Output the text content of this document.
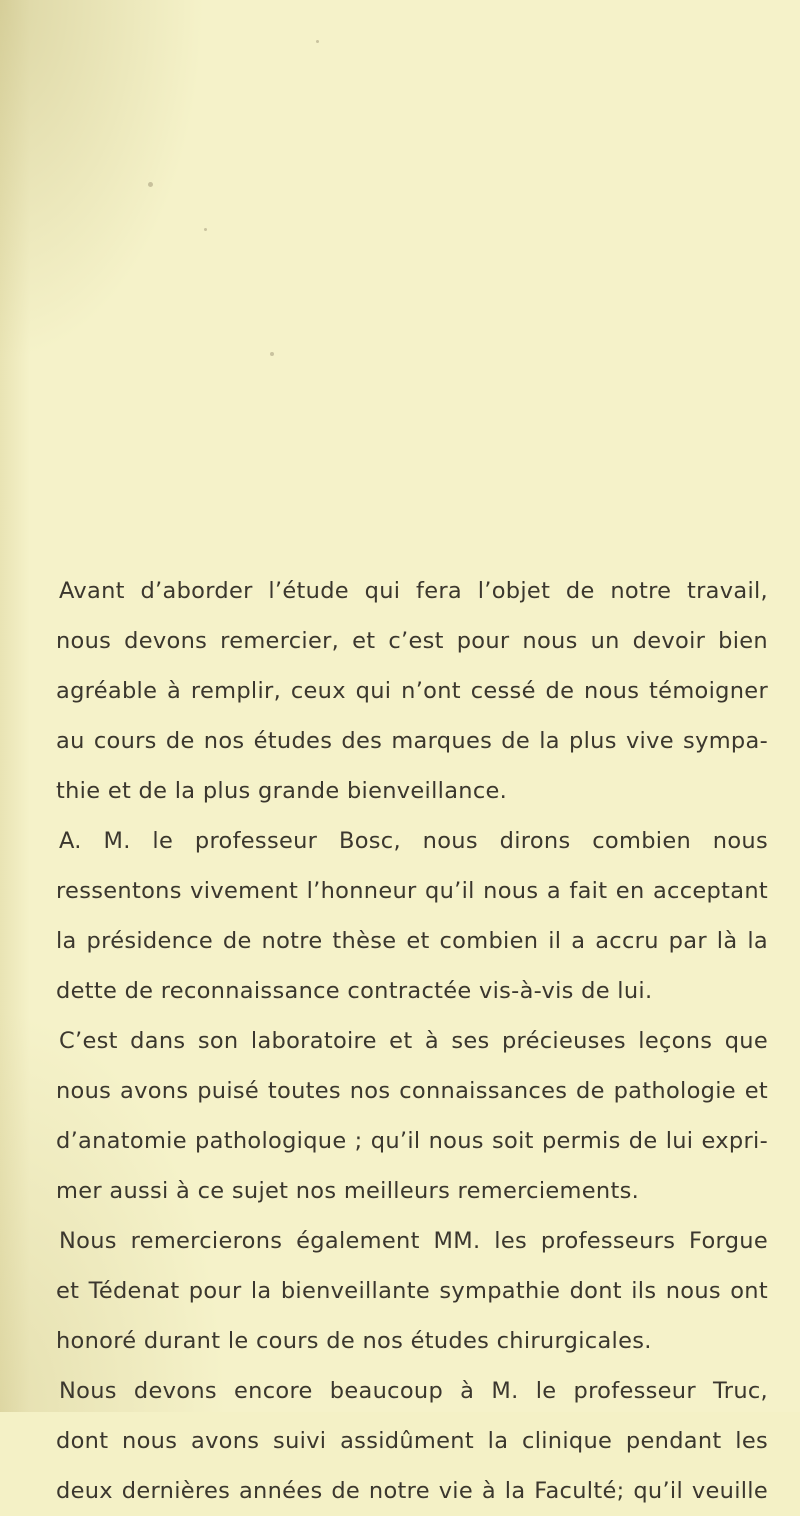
Avant d’aborder l’étude qui fera l’objet de notre travail,
nous devons remercier, et c’est pour nous un devoir bien
agréable à remplir, ceux qui n’ont cessé de nous témoigner
au cours de nos études des marques de la plus vive sympa-
thie et de la plus grande bienveillance.
A. M. le professeur Bosc, nous dirons combien nous
ressentons vivement l’honneur qu’il nous a fait en acceptant
la présidence de notre thèse et combien il a accru par là la
dette de reconnaissance contractée vis-à-vis de lui.
C’est dans son laboratoire et à ses précieuses leçons que
nous avons puisé toutes nos connaissances de pathologie et
d’anatomie pathologique ; qu’il nous soit permis de lui expri-
mer aussi à ce sujet nos meilleurs remerciements.
Nous remercierons également MM. les professeurs Forgue
et Tédenat pour la bienveillante sympathie dont ils nous ont
honoré durant le cours de nos études chirurgicales.
Nous devons encore beaucoup à M. le professeur Truc,
dont nous avons suivi assidûment la clinique pendant les
deux dernières années de notre vie à la Faculté; qu’il veuille
